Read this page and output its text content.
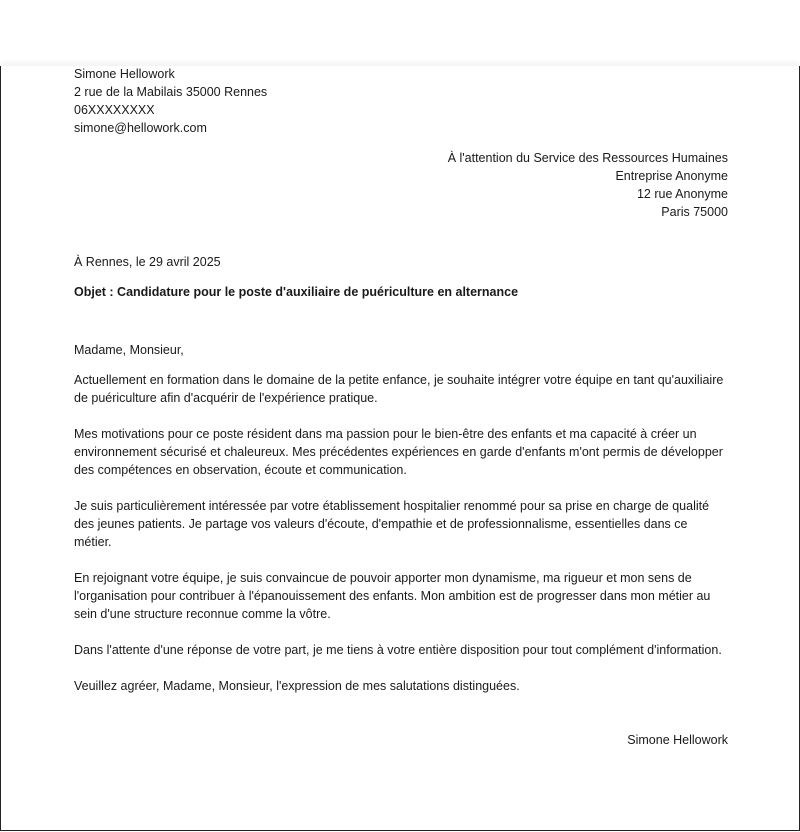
Simone Hellowork
2 rue de la Mabilais 35000 Rennes
06XXXXXXXX
simone@hellowork.com
À l'attention du Service des Ressources Humaines
Entreprise Anonyme
12 rue Anonyme
Paris 75000
À Rennes, le 29 avril 2025
Objet : Candidature pour le poste d'auxiliaire de puériculture en alternance
Madame, Monsieur,

Actuellement en formation dans le domaine de la petite enfance, je souhaite intégrer votre équipe en tant qu'auxiliaire de puériculture afin d'acquérir de l'expérience pratique.

Mes motivations pour ce poste résident dans ma passion pour le bien-être des enfants et ma capacité à créer un environnement sécurisé et chaleureux. Mes précédentes expériences en garde d'enfants m'ont permis de développer des compétences en observation, écoute et communication.

Je suis particulièrement intéressée par votre établissement hospitalier renommé pour sa prise en charge de qualité des jeunes patients. Je partage vos valeurs d'écoute, d'empathie et de professionnalisme, essentielles dans ce métier.

En rejoignant votre équipe, je suis convaincue de pouvoir apporter mon dynamisme, ma rigueur et mon sens de l'organisation pour contribuer à l'épanouissement des enfants. Mon ambition est de progresser dans mon métier au sein d'une structure reconnue comme la vôtre.

Dans l'attente d'une réponse de votre part, je me tiens à votre entière disposition pour tout complément d'information.

Veuillez agréer, Madame, Monsieur, l'expression de mes salutations distinguées.

Simone Hellowork
